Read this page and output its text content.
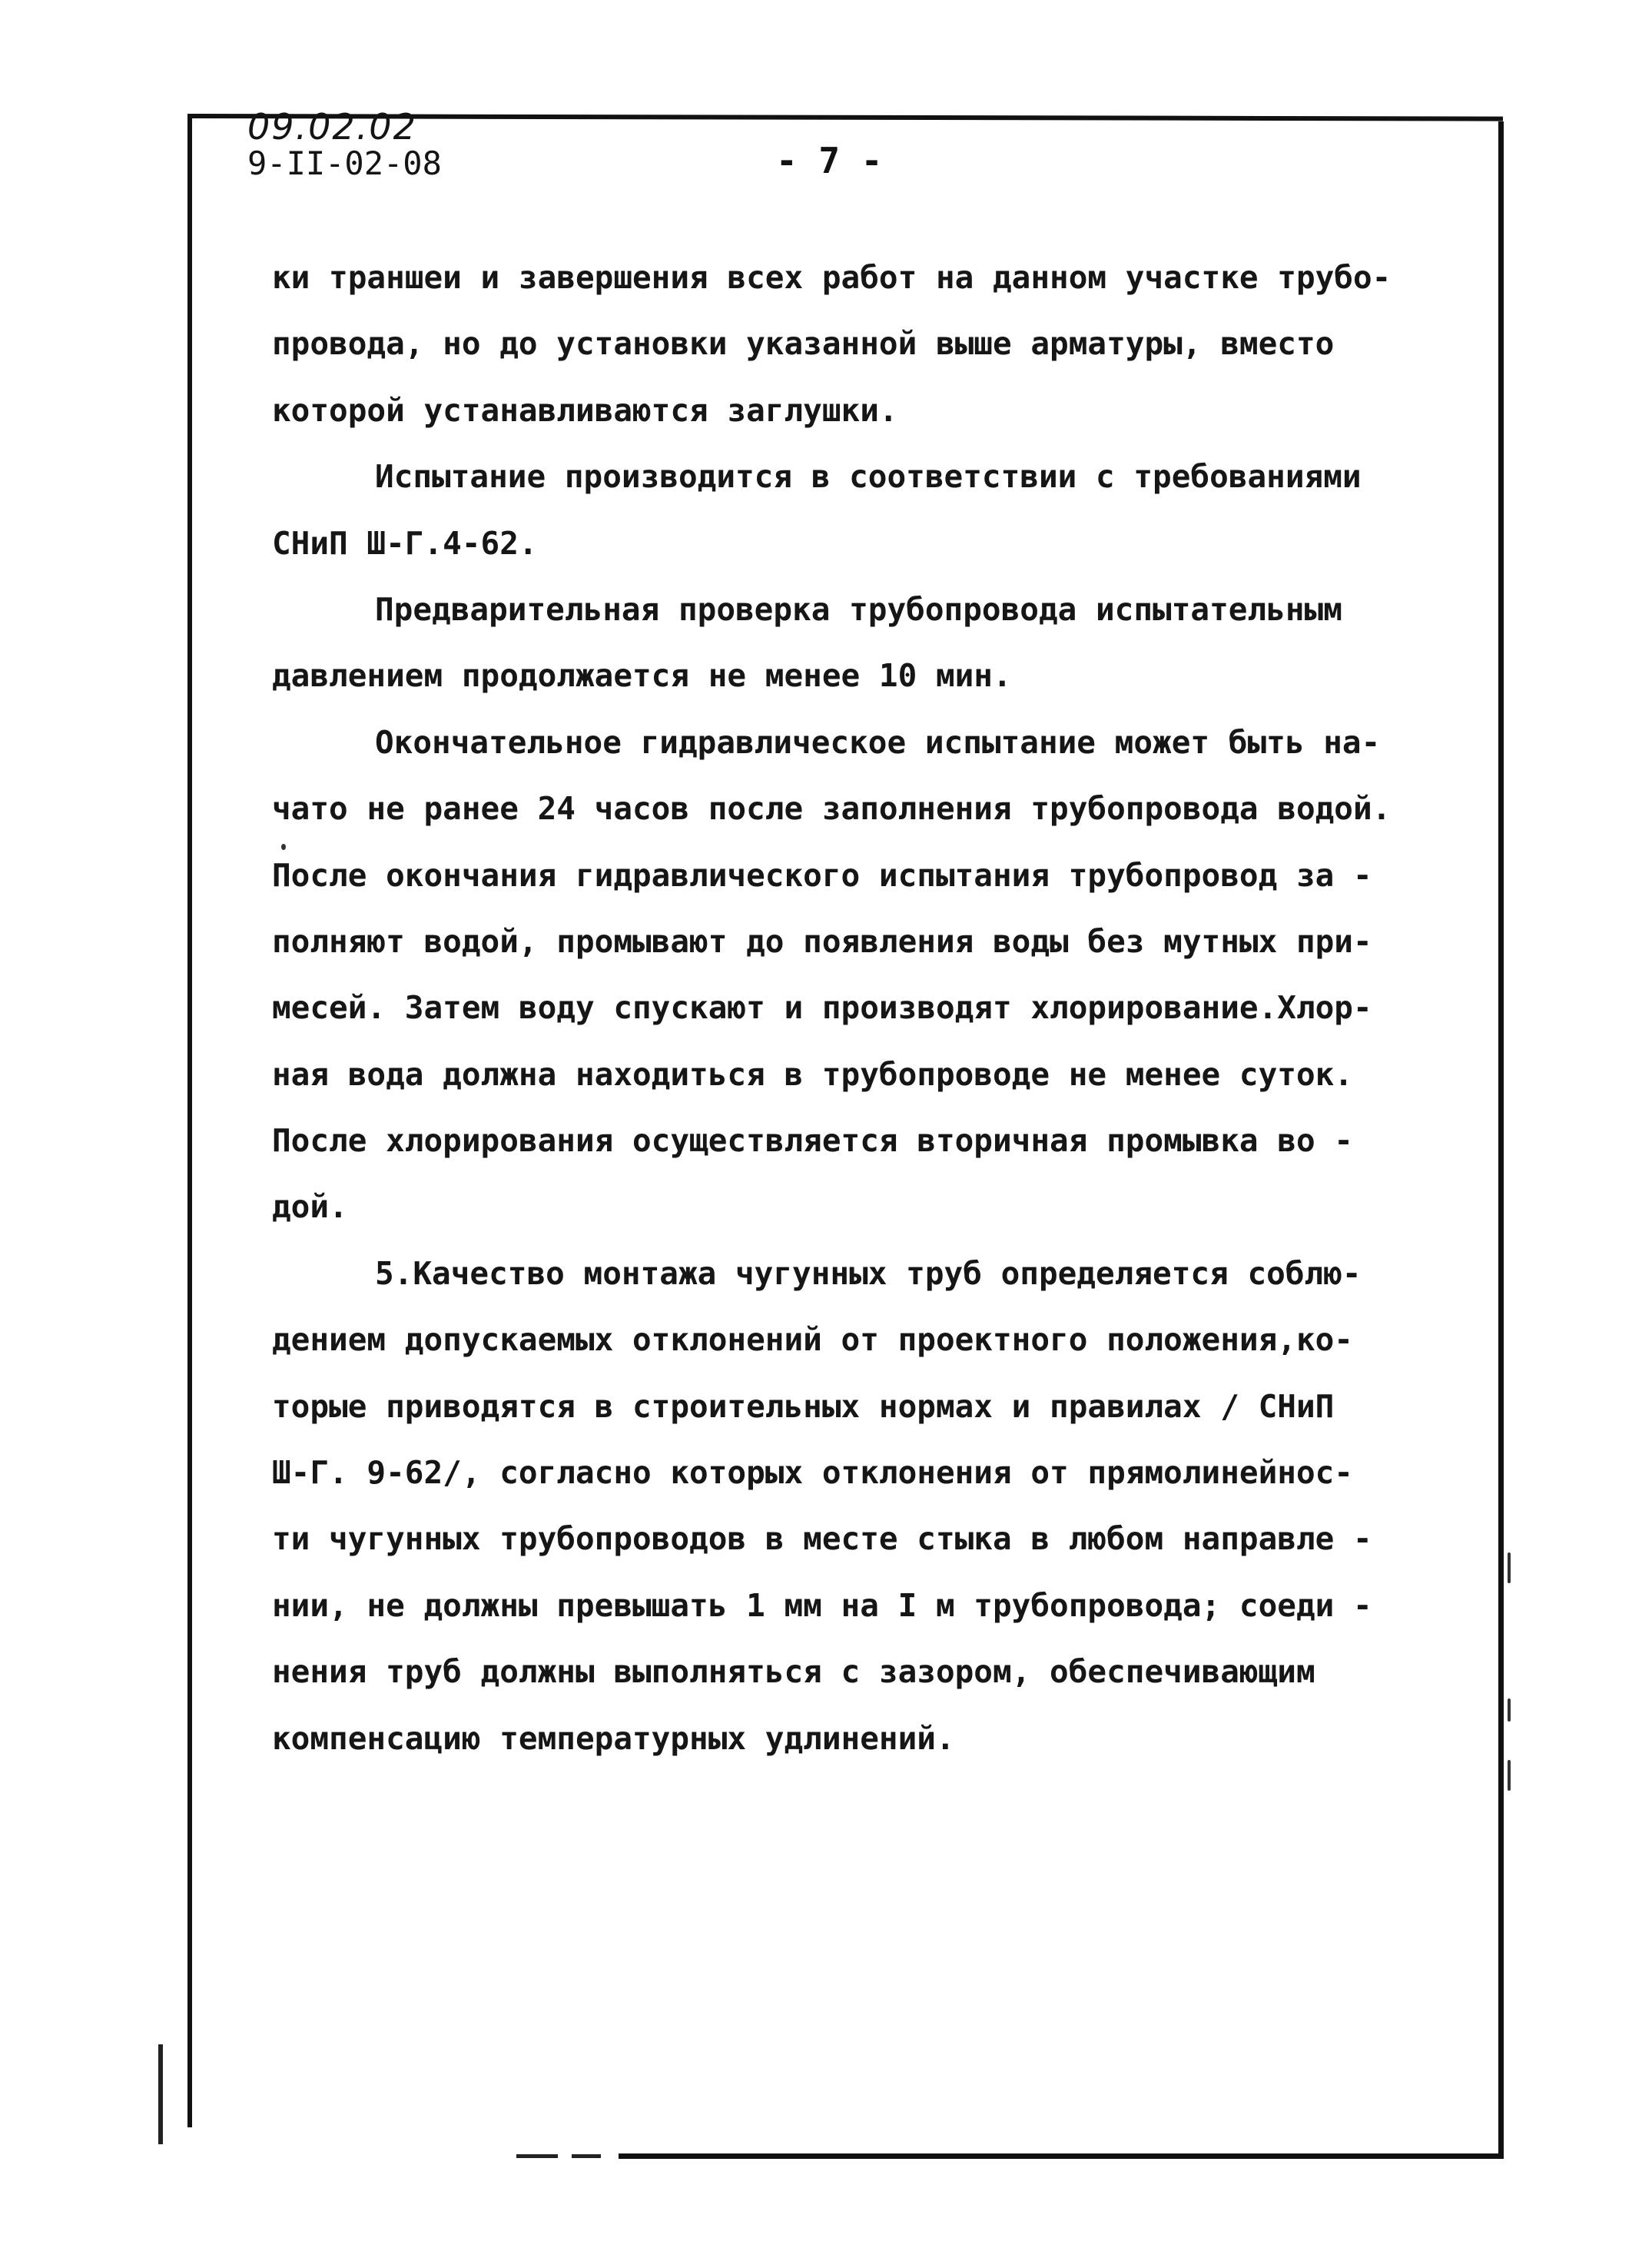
09.02.02
9-II-02-08	- 7 -
ки траншеи и завершения всех работ на данном участке трубо-
провода, но до установки указанной выше арматуры, вместо
которой устанавливаются заглушки.
Испытание производится в соответствии с требованиями
СНиП Ш-Г.4-62.
Предварительная проверка трубопровода испытательным
давлением продолжается не менее 10 мин.
Окончательное гидравлическое испытание может быть на-
чато не ранее 24 часов после заполнения трубопровода водой.
После окончания гидравлического испытания трубопровод за -
полняют водой, промывают до появления воды без мутных при-
месей. Затем воду спускают и производят хлорирование.Хлор-
ная вода должна находиться в трубопроводе не менее суток.
После хлорирования осуществляется вторичная промывка во -
дой.
5.Качество монтажа чугунных труб определяется соблю-
дением допускаемых отклонений от проектного положения,ко-
торые приводятся в строительных нормах и правилах / СНиП
Ш-Г. 9-62/, согласно которых отклонения от прямолинейнос-
ти чугунных трубопроводов в месте стыка в любом направле -
нии, не должны превышать 1 мм на I м трубопровода; соеди -
нения труб должны выполняться с зазором, обеспечивающим
компенсацию температурных удлинений.
